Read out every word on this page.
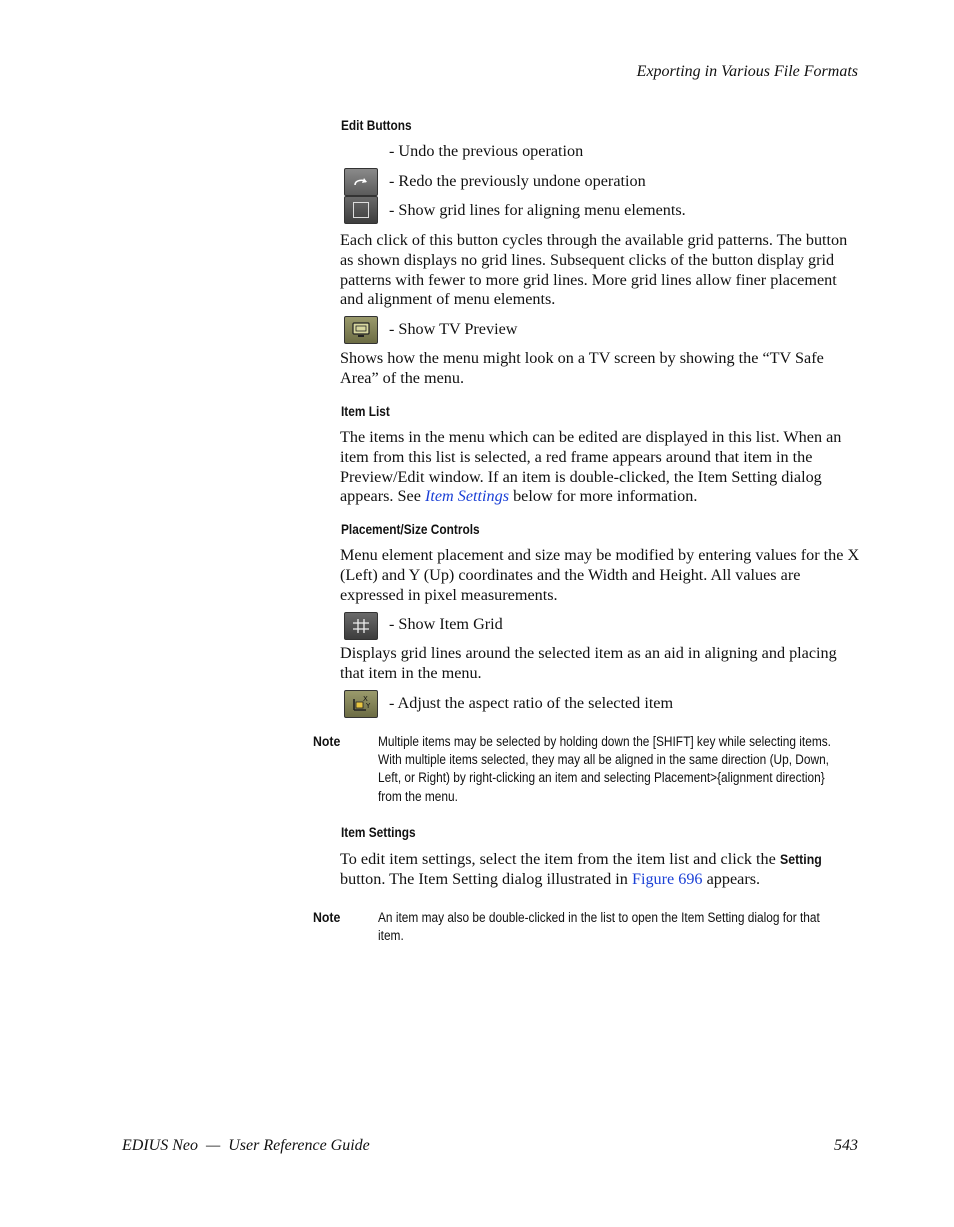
Exporting in Various File Formats
Edit Buttons
- Undo the previous operation
- Redo the previously undone operation
- Show grid lines for aligning menu elements.
Each click of this button cycles through the available grid patterns. The button as shown displays no grid lines. Subsequent clicks of the button display grid patterns with fewer to more grid lines. More grid lines allow finer placement and alignment of menu elements.
- Show TV Preview
Shows how the menu might look on a TV screen by showing the “TV Safe Area” of the menu.
Item List
The items in the menu which can be edited are displayed in this list. When an item from this list is selected, a red frame appears around that item in the Preview/Edit window. If an item is double-clicked, the Item Setting dialog appears. See Item Settings below for more information.
Placement/Size Controls
Menu element placement and size may be modified by entering values for the X (Left) and Y (Up) coordinates and the Width and Height. All values are expressed in pixel measurements.
- Show Item Grid
Displays grid lines around the selected item as an aid in aligning and placing that item in the menu.
X
Y - Adjust the aspect ratio of the selected item
Note	Multiple items may be selected by holding down the [SHIFT] key while selecting items. With multiple items selected, they may all be aligned in the same direction (Up, Down, Left, or Right) by right-clicking an item and selecting Placement>{alignment direction} from the menu.
Item Settings
To edit item settings, select the item from the item list and click the Setting button. The Item Setting dialog illustrated in Figure 696 appears.
Note	An item may also be double-clicked in the list to open the Item Setting dialog for that item.
EDIUS Neo  —  User Reference Guide	543
